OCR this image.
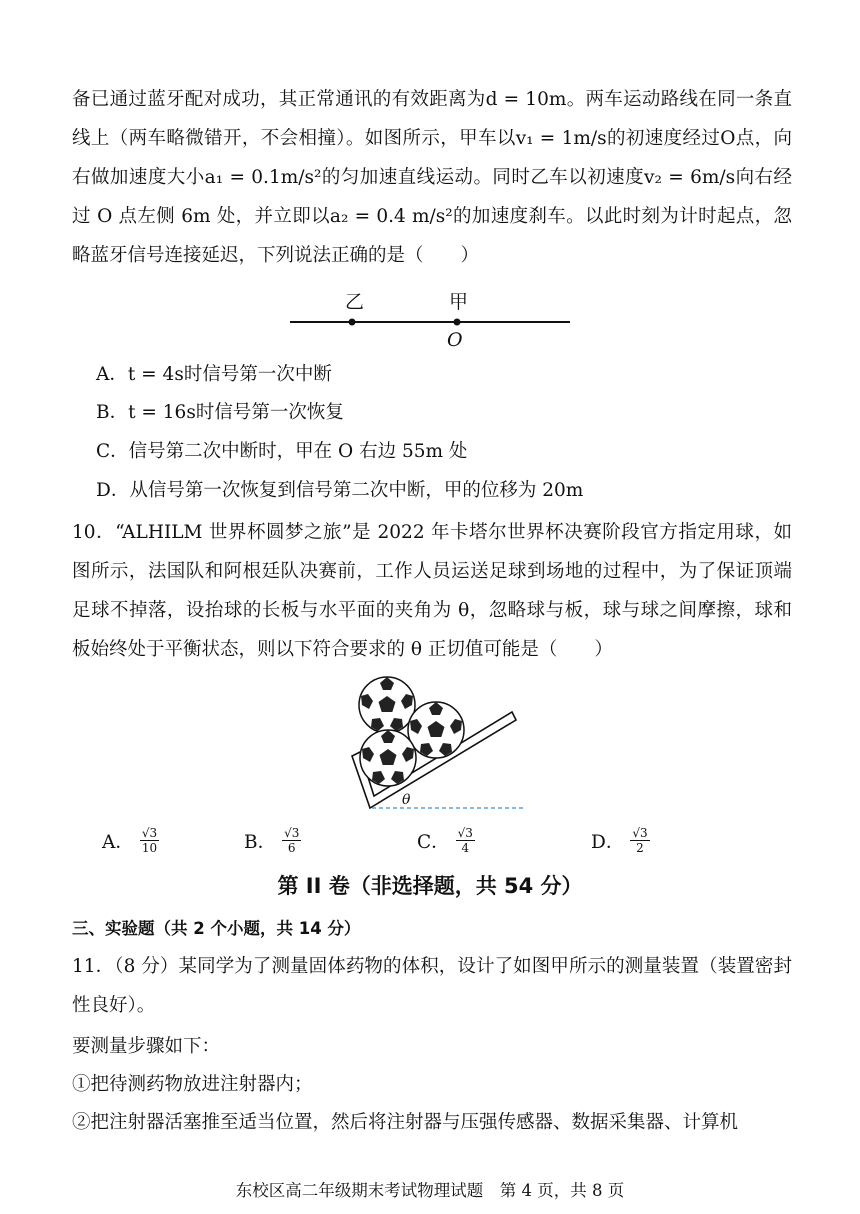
备已通过蓝牙配对成功，其正常通讯的有效距离为d = 10m。两车运动路线在同一条直线上（两车略微错开，不会相撞）。如图所示，甲车以v₁ = 1m/s的初速度经过O点，向右做加速度大小a₁ = 0.1m/s²的匀加速直线运动。同时乙车以初速度v₂ = 6m/s向右经过 O 点左侧 6m 处，并立即以a₂ = 0.4 m/s²的加速度刹车。以此时刻为计时起点，忽略蓝牙信号连接延迟，下列说法正确的是（　　）

乙	甲
O

A．t = 4s时信号第一次中断

B．t = 16s时信号第一次恢复

C．信号第二次中断时，甲在 O 右边 55m 处

D．从信号第一次恢复到信号第二次中断，甲的位移为 20m

10．“ALHILM 世界杯圆梦之旅”是 2022 年卡塔尔世界杯决赛阶段官方指定用球，如图所示，法国队和阿根廷队决赛前，工作人员运送足球到场地的过程中，为了保证顶端足球不掉落，设抬球的长板与水平面的夹角为 θ，忽略球与板，球与球之间摩擦，球和板始终处于平衡状态，则以下符合要求的 θ 正切值可能是（　　）

θ
A． $\frac{√3}{10}$	B． $\frac{√3}{6}$	C． $\frac{√3}{4}$	D． $\frac{√3}{2}$

第 II 卷（非选择题，共 54 分）

三、实验题（共 2 个小题，共 14 分）

11．（8 分）某同学为了测量固体药物的体积，设计了如图甲所示的测量装置（装置密封性良好）。

要测量步骤如下：

①把待测药物放进注射器内；

②把注射器活塞推至适当位置，然后将注射器与压强传感器、数据采集器、计算机

东校区高二年级期末考试物理试题　第 4 页，共 8 页
